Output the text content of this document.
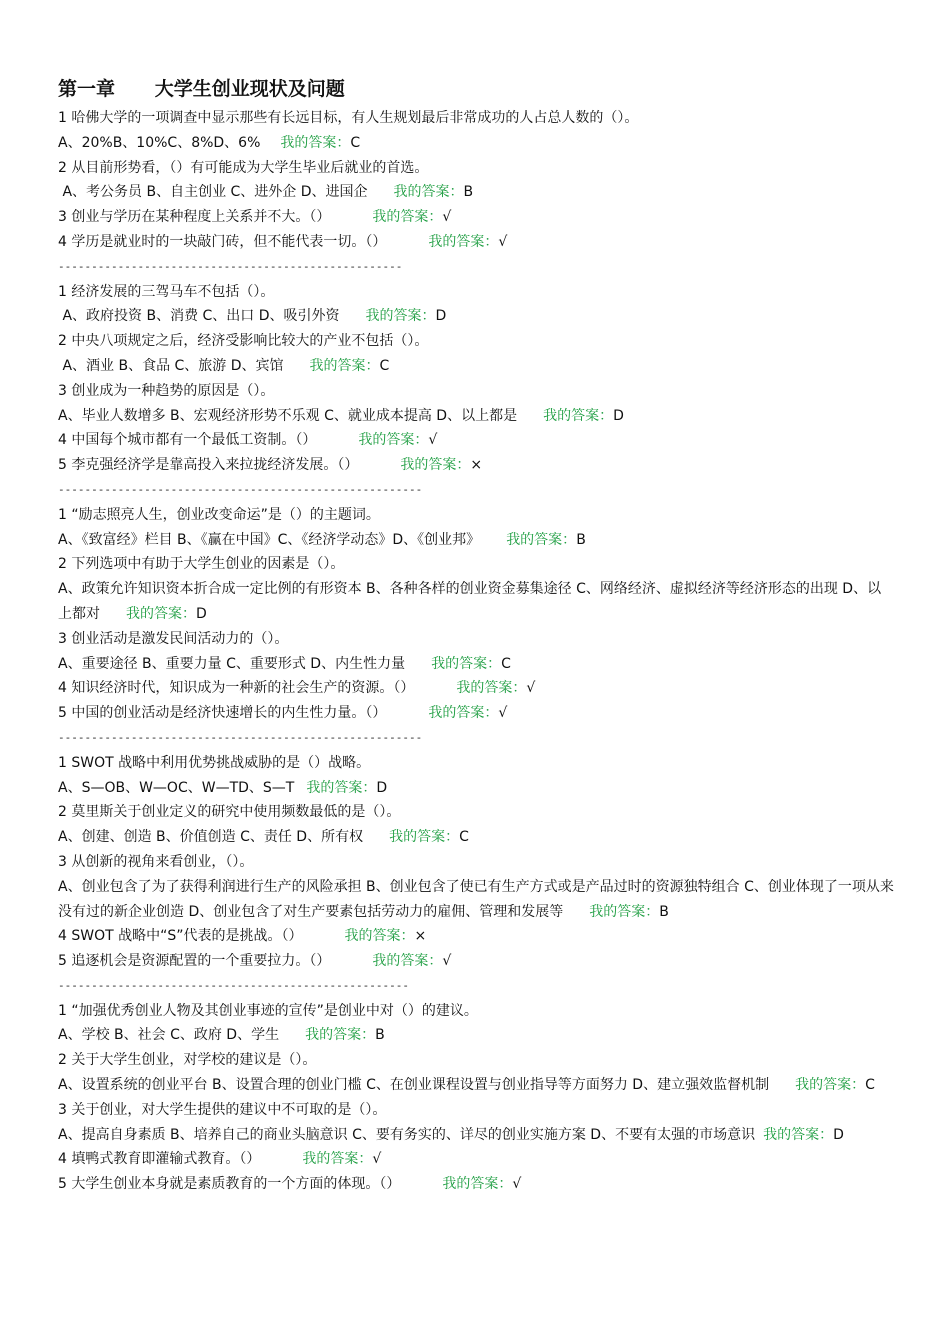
第一章      大学生创业现状及问题
1 哈佛大学的一项调查中显示那些有长远目标，有人生规划最后非常成功的人占总人数的（）。
A、20%B、10%C、8%D、6% 我的答案：C
2 从目前形势看，（）有可能成为大学生毕业后就业的首选。
A、考公务员 B、自主创业 C、进外企 D、进国企 我的答案：B
3 创业与学历在某种程度上关系并不大。（）	我的答案：√
4 学历是就业时的一块敲门砖，但不能代表一切。（）	我的答案：√
----------------------------------------------------
1 经济发展的三驾马车不包括（）。
A、政府投资 B、消费 C、出口 D、吸引外资 我的答案：D
2 中央八项规定之后，经济受影响比较大的产业不包括（）。
A、酒业 B、食品 C、旅游 D、宾馆 我的答案：C
3 创业成为一种趋势的原因是（）。
A、毕业人数增多 B、宏观经济形势不乐观 C、就业成本提高 D、以上都是 我的答案：D
4 中国每个城市都有一个最低工资制。（）	我的答案：√
5 李克强经济学是靠高投入来拉拢经济发展。（）	我的答案：×
-------------------------------------------------------
1 “励志照亮人生，创业改变命运”是（）的主题词。
A、《致富经》栏目 B、《赢在中国》C、《经济学动态》D、《创业邦》 我的答案：B
2 下列选项中有助于大学生创业的因素是（）。
A、政策允许知识资本折合成一定比例的有形资本 B、各种各样的创业资金募集途径 C、网络经济、虚拟经济等经济形态的出现 D、以上都对 我的答案：D
3 创业活动是激发民间活动力的（）。
A、重要途径 B、重要力量 C、重要形式 D、内生性力量 我的答案：C
4 知识经济时代，知识成为一种新的社会生产的资源。（）	我的答案：√
5 中国的创业活动是经济快速增长的内生性力量。（）	我的答案：√
-------------------------------------------------------
1 SWOT 战略中利用优势挑战威胁的是（）战略。
A、S—OB、W—OC、W—TD、S—T 我的答案：D
2 莫里斯关于创业定义的研究中使用频数最低的是（）。
A、创建、创造 B、价值创造 C、责任 D、所有权 我的答案：C
3 从创新的视角来看创业，（）。
A、创业包含了为了获得利润进行生产的风险承担 B、创业包含了使已有生产方式或是产品过时的资源独特组合 C、创业体现了一项从来没有过的新企业创造 D、创业包含了对生产要素包括劳动力的雇佣、管理和发展等 我的答案：B
4 SWOT 战略中“S”代表的是挑战。（）	我的答案：×
5 追逐机会是资源配置的一个重要拉力。（）	我的答案：√
-----------------------------------------------------
1 “加强优秀创业人物及其创业事迹的宣传”是创业中对（）的建议。
A、学校 B、社会 C、政府 D、学生 我的答案：B
2 关于大学生创业，对学校的建议是（）。
A、设置系统的创业平台 B、设置合理的创业门槛 C、在创业课程设置与创业指导等方面努力 D、建立强效监督机制 我的答案：C
3 关于创业，对大学生提供的建议中不可取的是（）。
A、提高自身素质 B、培养自己的商业头脑意识 C、要有务实的、详尽的创业实施方案 D、不要有太强的市场意识 我的答案：D
4 填鸭式教育即灌输式教育。（）	我的答案：√
5 大学生创业本身就是素质教育的一个方面的体现。（）	我的答案：√
